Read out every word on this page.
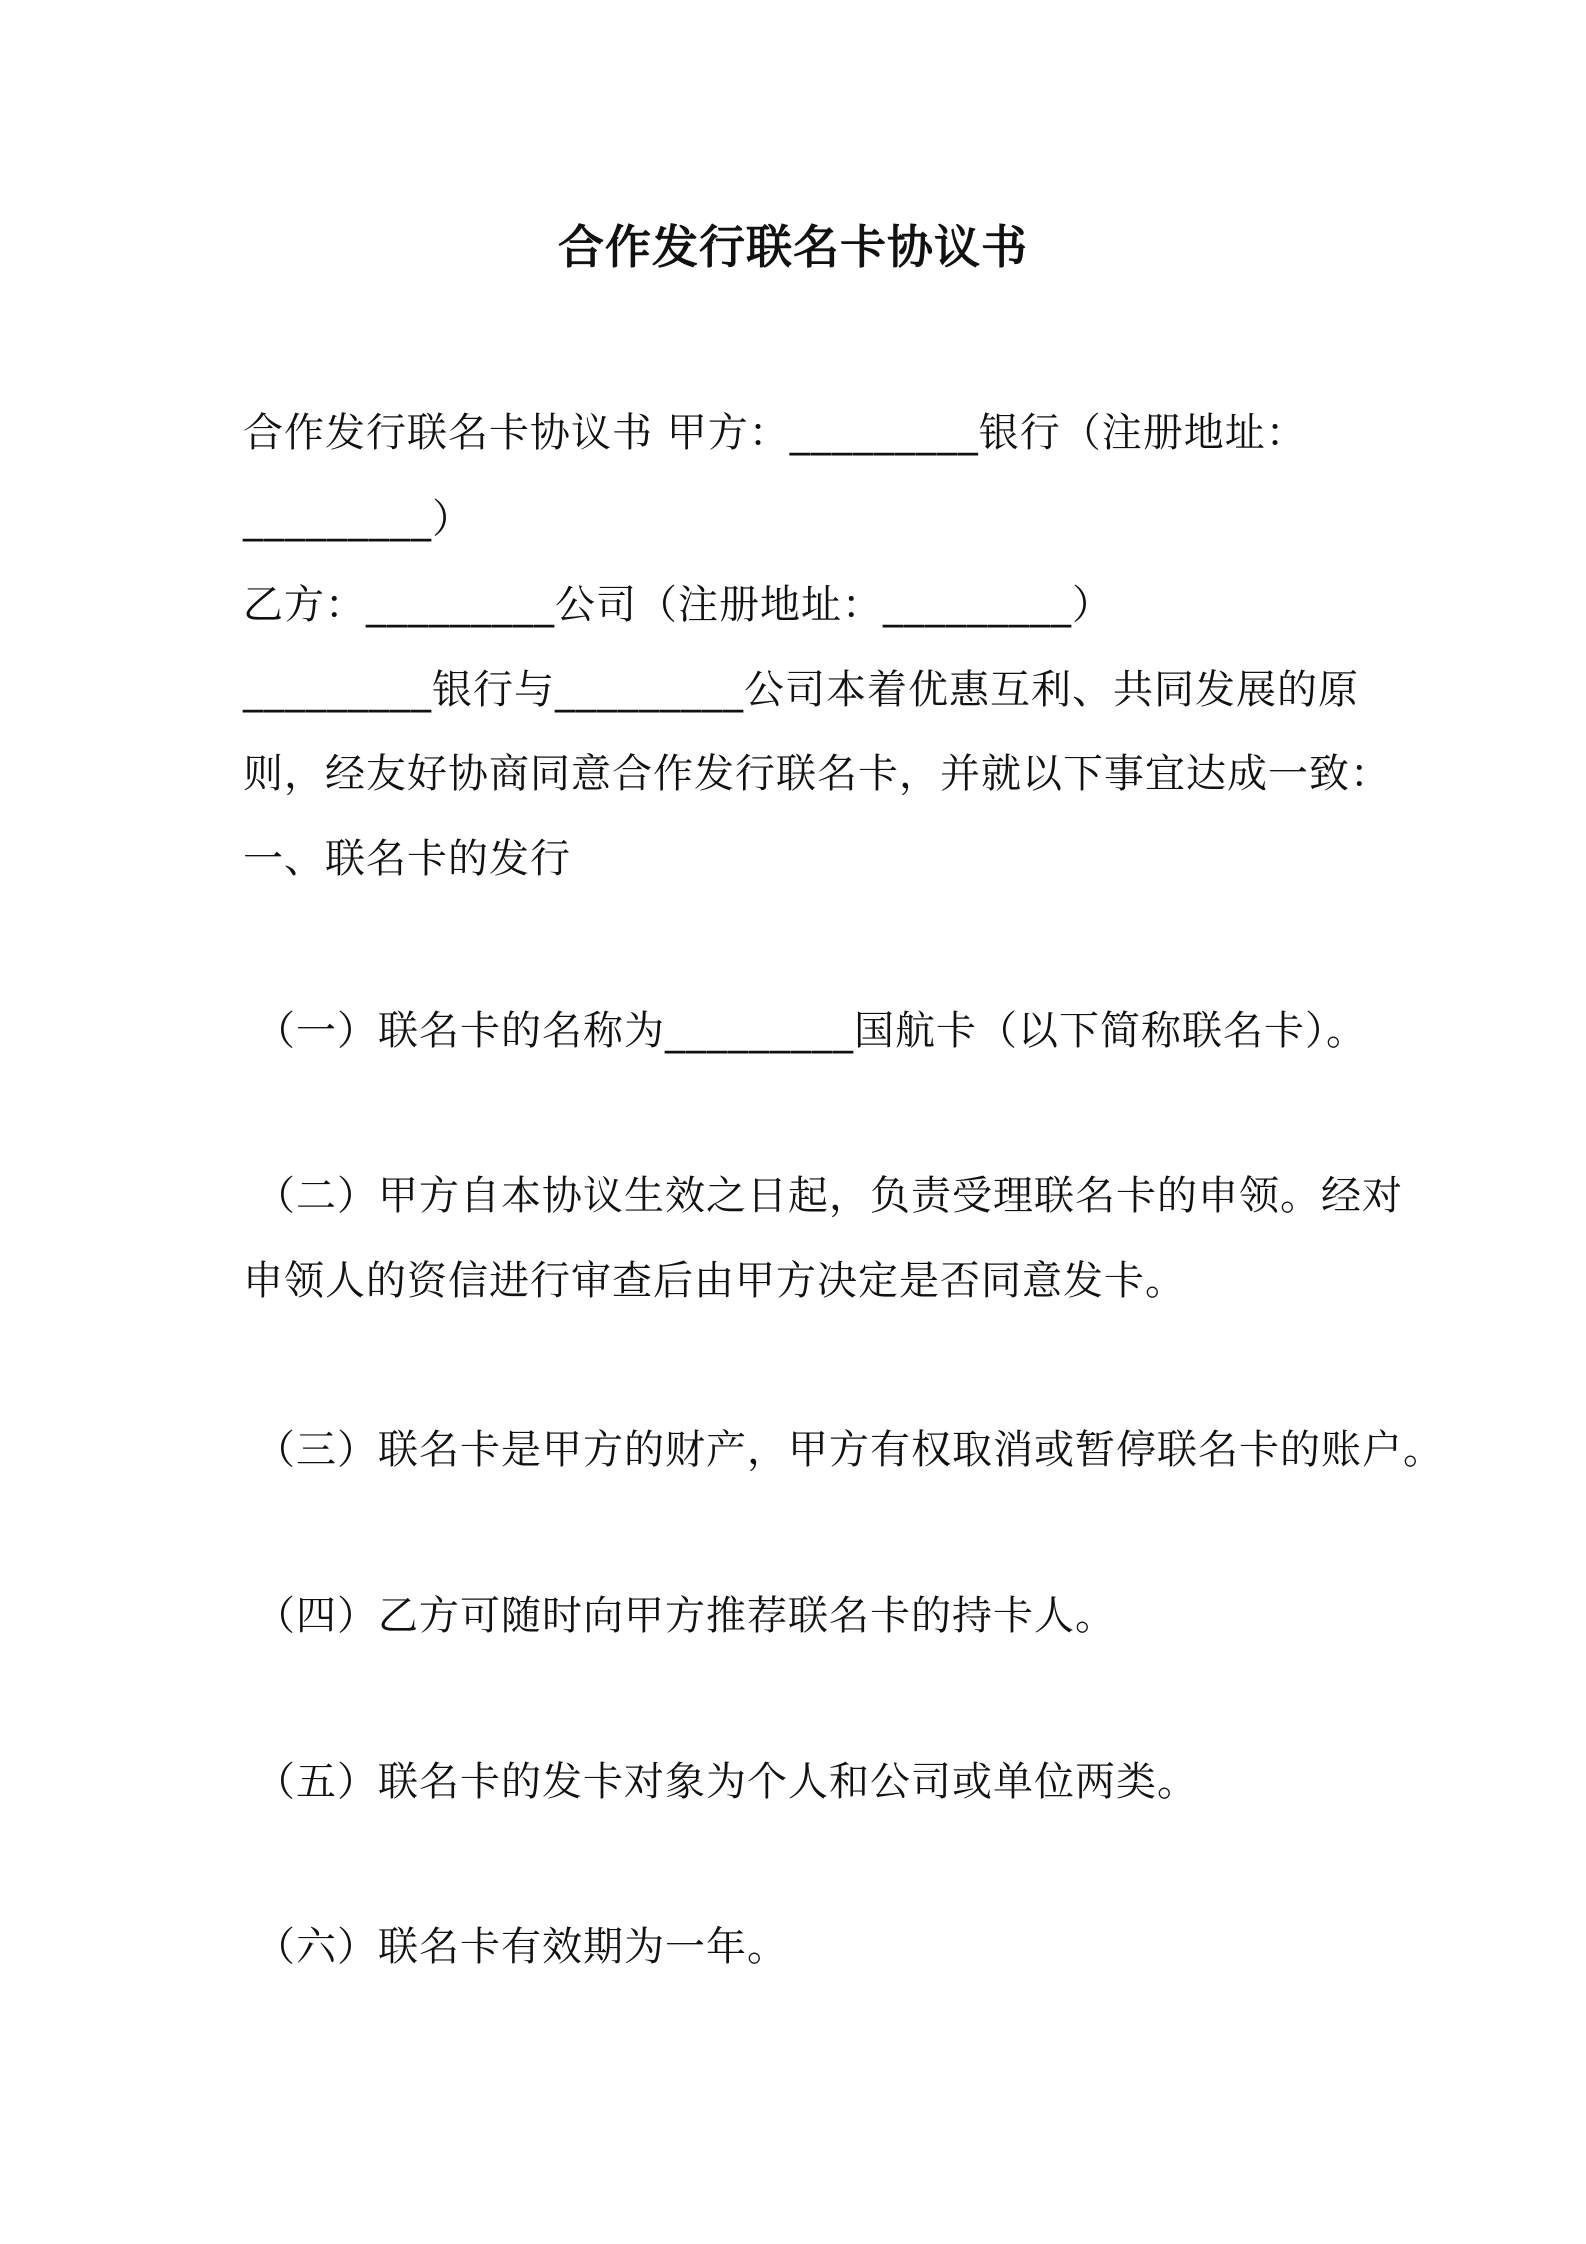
合作发行联名卡协议书
合作发行联名卡协议书 甲方：_________银行（注册地址：
_________）
乙方：_________公司（注册地址：_________）
_________银行与_________公司本着优惠互利、共同发展的原
则，经友好协商同意合作发行联名卡，并就以下事宜达成一致：
一、联名卡的发行
（一）联名卡的名称为_________国航卡（以下简称联名卡）。
（二）甲方自本协议生效之日起，负责受理联名卡的申领。经对
申领人的资信进行审查后由甲方决定是否同意发卡。
（三）联名卡是甲方的财产，甲方有权取消或暂停联名卡的账户。
（四）乙方可随时向甲方推荐联名卡的持卡人。
（五）联名卡的发卡对象为个人和公司或单位两类。
（六）联名卡有效期为一年。
